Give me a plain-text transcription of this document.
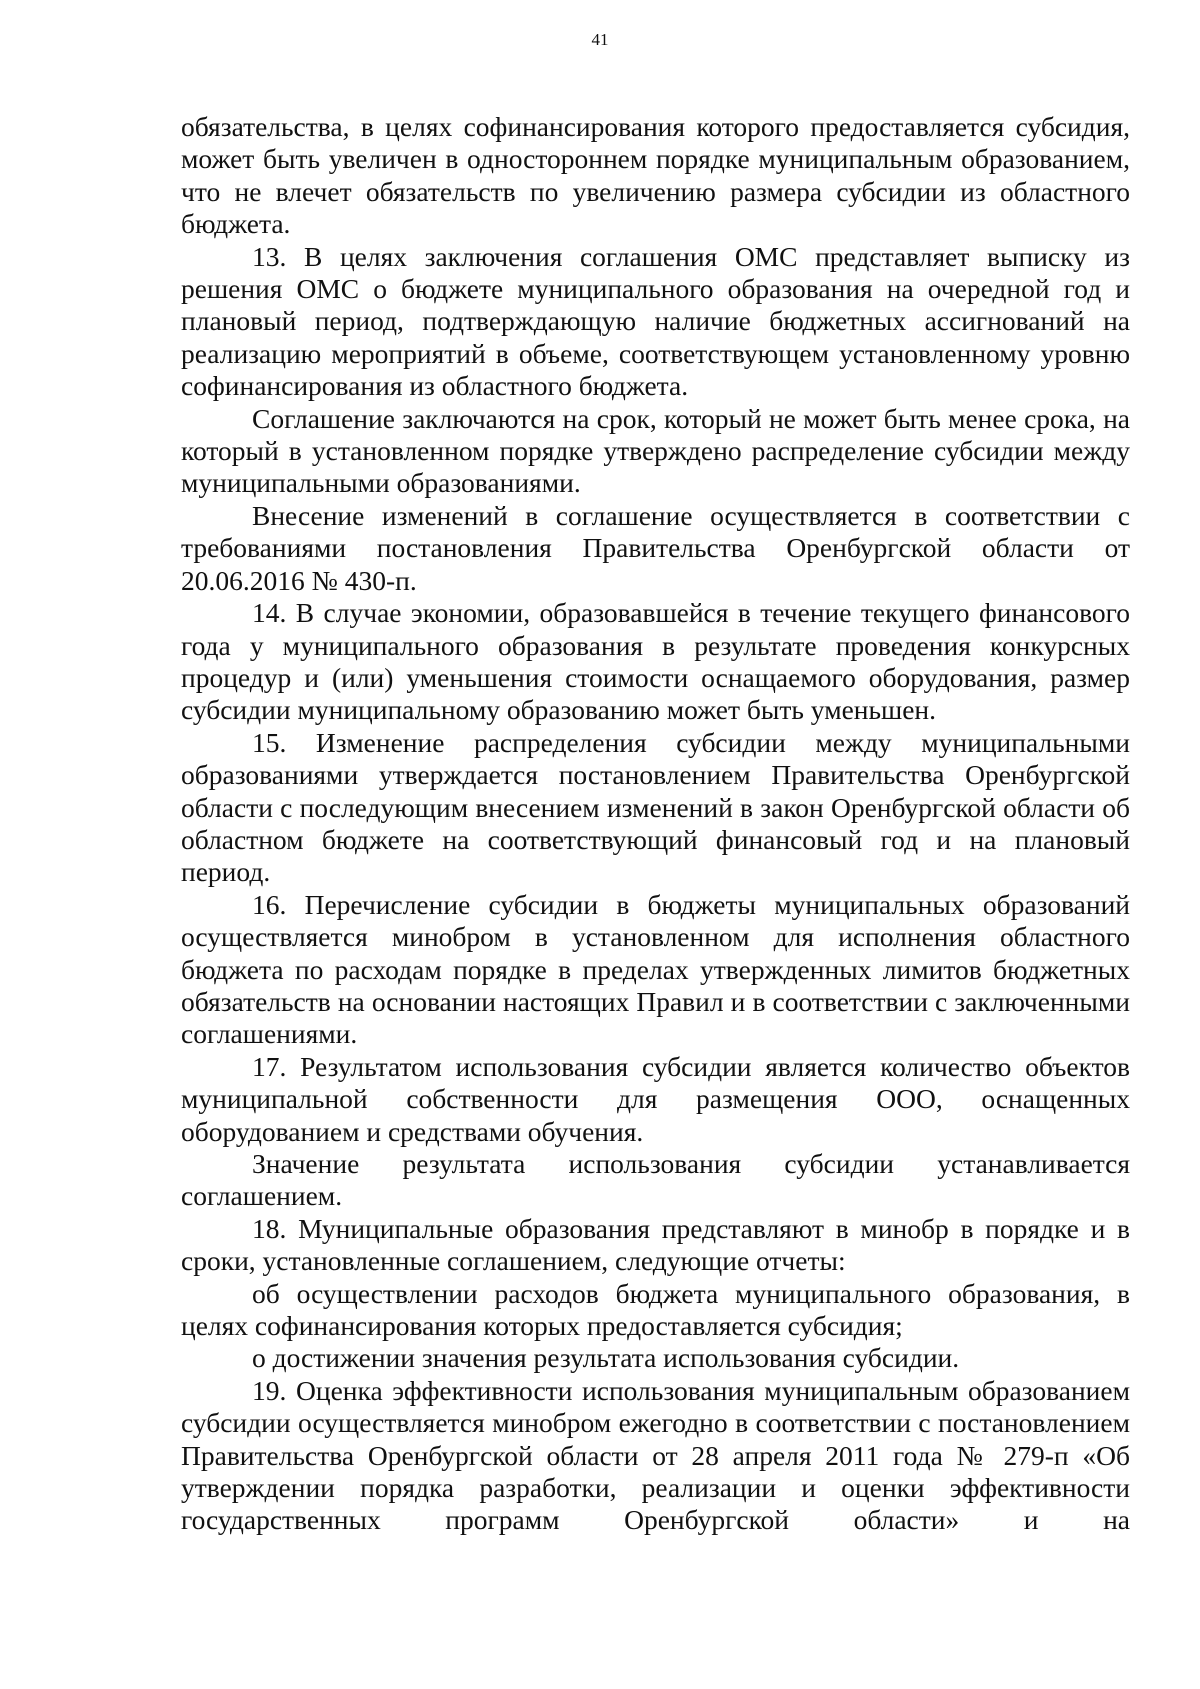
41

обязательства, в целях софинансирования которого предоставляется субсидия, может быть увеличен в одностороннем порядке муниципальным образованием, что не влечет обязательств по увеличению размера субсидии из областного бюджета.

13. В целях заключения соглашения ОМС представляет выписку из решения ОМС о бюджете муниципального образования на очередной год и плановый период, подтверждающую наличие бюджетных ассигнований на реализацию мероприятий в объеме, соответствующем установленному уровню софинансирования из областного бюджета.

Соглашение заключаются на срок, который не может быть менее срока, на который в установленном порядке утверждено распределение субсидии между муниципальными образованиями.

Внесение изменений в соглашение осуществляется в соответствии с требованиями постановления Правительства Оренбургской области от 20.06.2016 № 430-п.

14. В случае экономии, образовавшейся в течение текущего финансового года у муниципального образования в результате проведения конкурсных процедур и (или) уменьшения стоимости оснащаемого оборудования, размер субсидии муниципальному образованию может быть уменьшен.

15. Изменение распределения субсидии между муниципальными образованиями утверждается постановлением Правительства Оренбургской области с последующим внесением изменений в закон Оренбургской области об областном бюджете на соответствующий финансовый год и на плановый период.

16. Перечисление субсидии в бюджеты муниципальных образований осуществляется минобром в установленном для исполнения областного бюджета по расходам порядке в пределах утвержденных лимитов бюджетных обязательств на основании настоящих Правил и в соответствии с заключенными соглашениями.

17. Результатом использования субсидии является количество объектов муниципальной собственности для размещения ООО, оснащенных оборудованием и средствами обучения.

Значение результата использования субсидии устанавливается соглашением.

18. Муниципальные образования представляют в минобр в порядке и в сроки, установленные соглашением, следующие отчеты:

об осуществлении расходов бюджета муниципального образования, в целях софинансирования которых предоставляется субсидия;

о достижении значения результата использования субсидии.

19. Оценка эффективности использования муниципальным образованием субсидии осуществляется минобром ежегодно в соответствии с постановлением Правительства Оренбургской области от 28 апреля 2011 года № 279-п «Об утверждении порядка разработки, реализации и оценки эффективности государственных программ Оренбургской области» и на
